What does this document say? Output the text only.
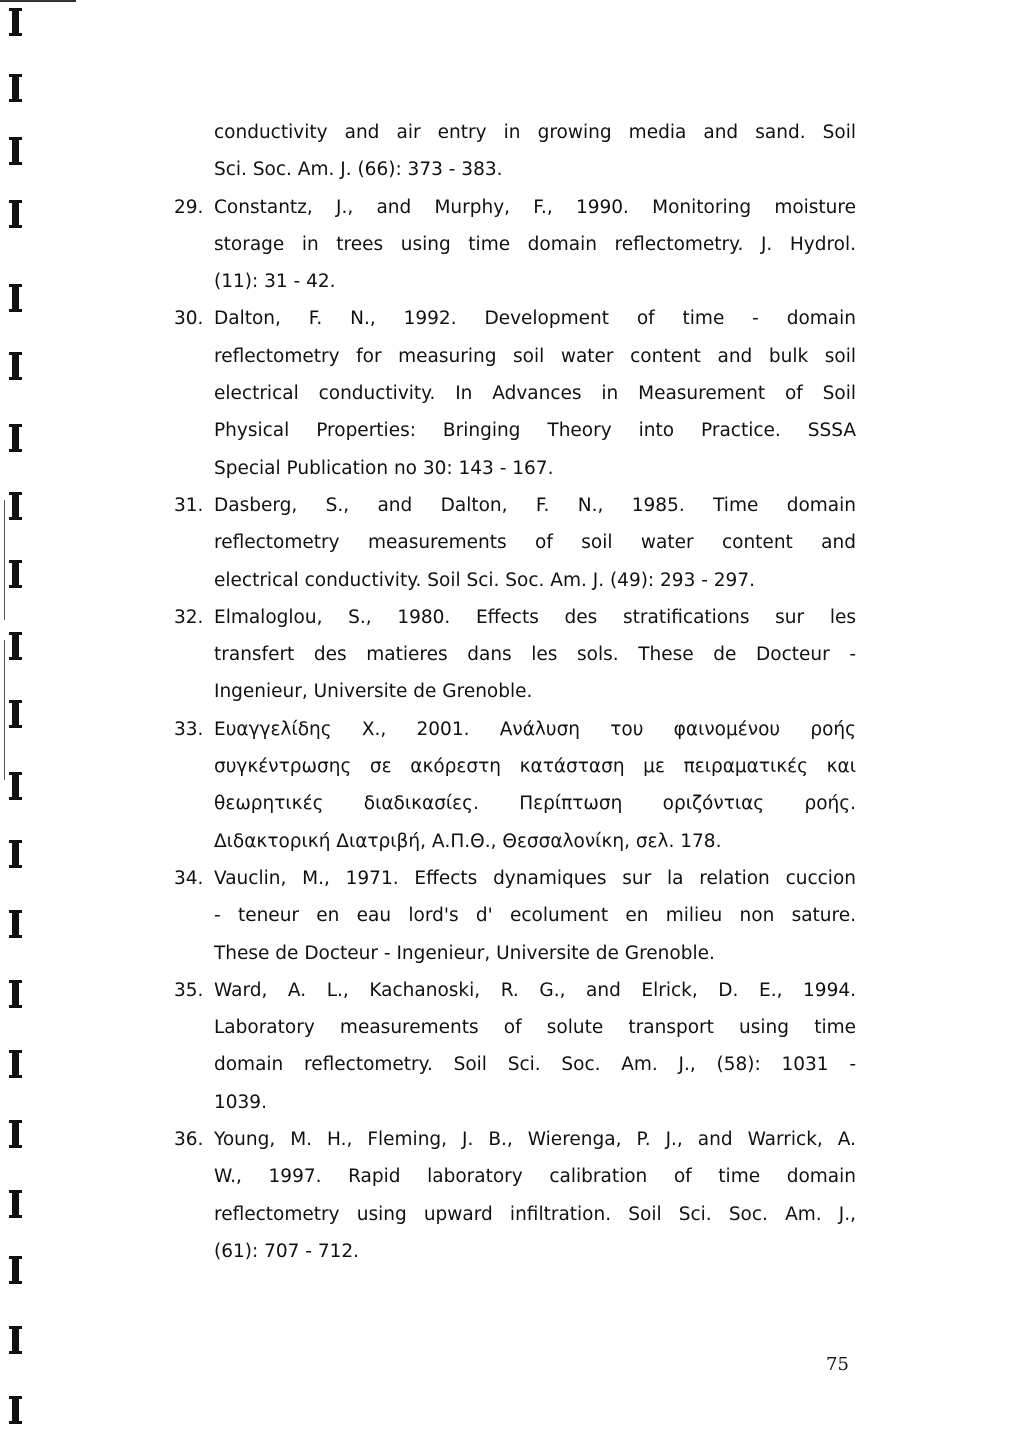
conductivity and air entry in growing media and sand. Soil
Sci. Soc. Am. J. (66): 373 - 383.
29. Constantz, J., and Murphy, F., 1990. Monitoring moisture
storage in trees using time domain reflectometry. J. Hydrol.
(11): 31 - 42.
30. Dalton, F. N., 1992. Development of time - domain
reflectometry for measuring soil water content and bulk soil
electrical conductivity. In Advances in Measurement of Soil
Physical Properties: Bringing Theory into Practice. SSSA
Special Publication no 30: 143 - 167.
31. Dasberg, S., and Dalton, F. N., 1985. Time domain
reflectometry measurements of soil water content and
electrical conductivity. Soil Sci. Soc. Am. J. (49): 293 - 297.
32. Elmaloglou, S., 1980. Effects des stratifications sur les
transfert des matieres dans les sols. These de Docteur -
Ingenieur, Universite de Grenoble.
33. Ευαγγελίδης Χ., 2001. Ανάλυση του φαινομένου ροής
συγκέντρωσης σε ακόρεστη κατάσταση με πειραματικές και
θεωρητικές διαδικασίες. Περίπτωση οριζόντιας ροής.
Διδακτορική Διατριβή, Α.Π.Θ., Θεσσαλονίκη, σελ. 178.
34. Vauclin, M., 1971. Effects dynamiques sur la relation cuccion
- teneur en eau lord's d' ecolument en milieu non sature.
These de Docteur - Ingenieur, Universite de Grenoble.
35. Ward, A. L., Kachanoski, R. G., and Elrick, D. E., 1994.
Laboratory measurements of solute transport using time
domain reflectometry. Soil Sci. Soc. Am. J., (58): 1031 -
1039.
36. Young, M. H., Fleming, J. B., Wierenga, P. J., and Warrick, A.
W., 1997. Rapid laboratory calibration of time domain
reflectometry using upward infiltration. Soil Sci. Soc. Am. J.,
(61): 707 - 712.
75
